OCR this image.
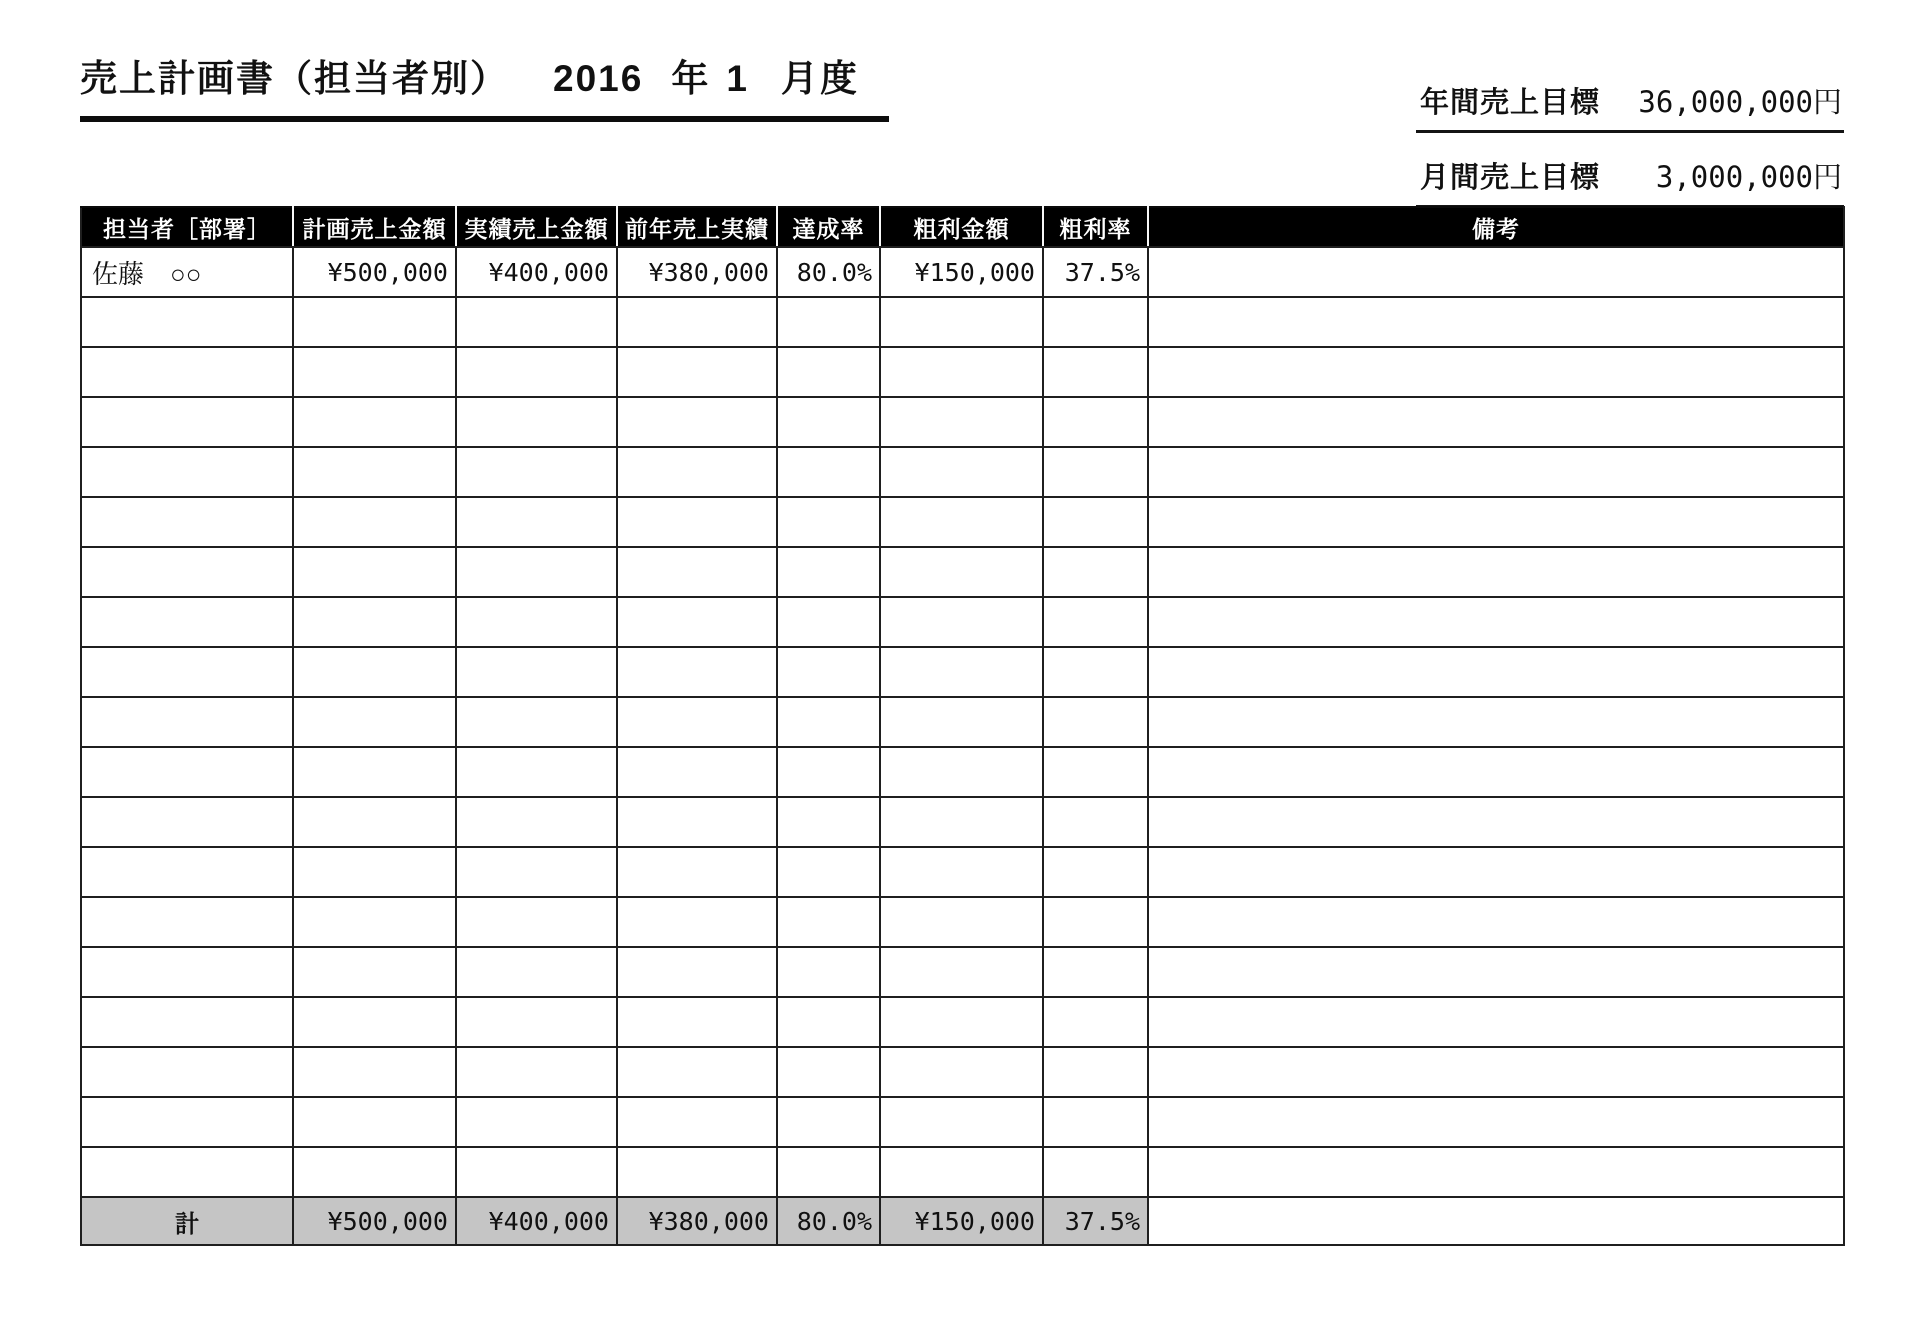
売上計画書（担当者別） 2016 年 1 月度
年間売上目標 36,000,000円
月間売上目標 3,000,000円
担当者［部署］	計画売上金額	実績売上金額	前年売上実績	達成率	粗利金額	粗利率	備考
佐藤　○○	¥500,000	¥400,000	¥380,000	80.0%	¥150,000	37.5%	

計	¥500,000	¥400,000	¥380,000	80.0%	¥150,000	37.5%	
